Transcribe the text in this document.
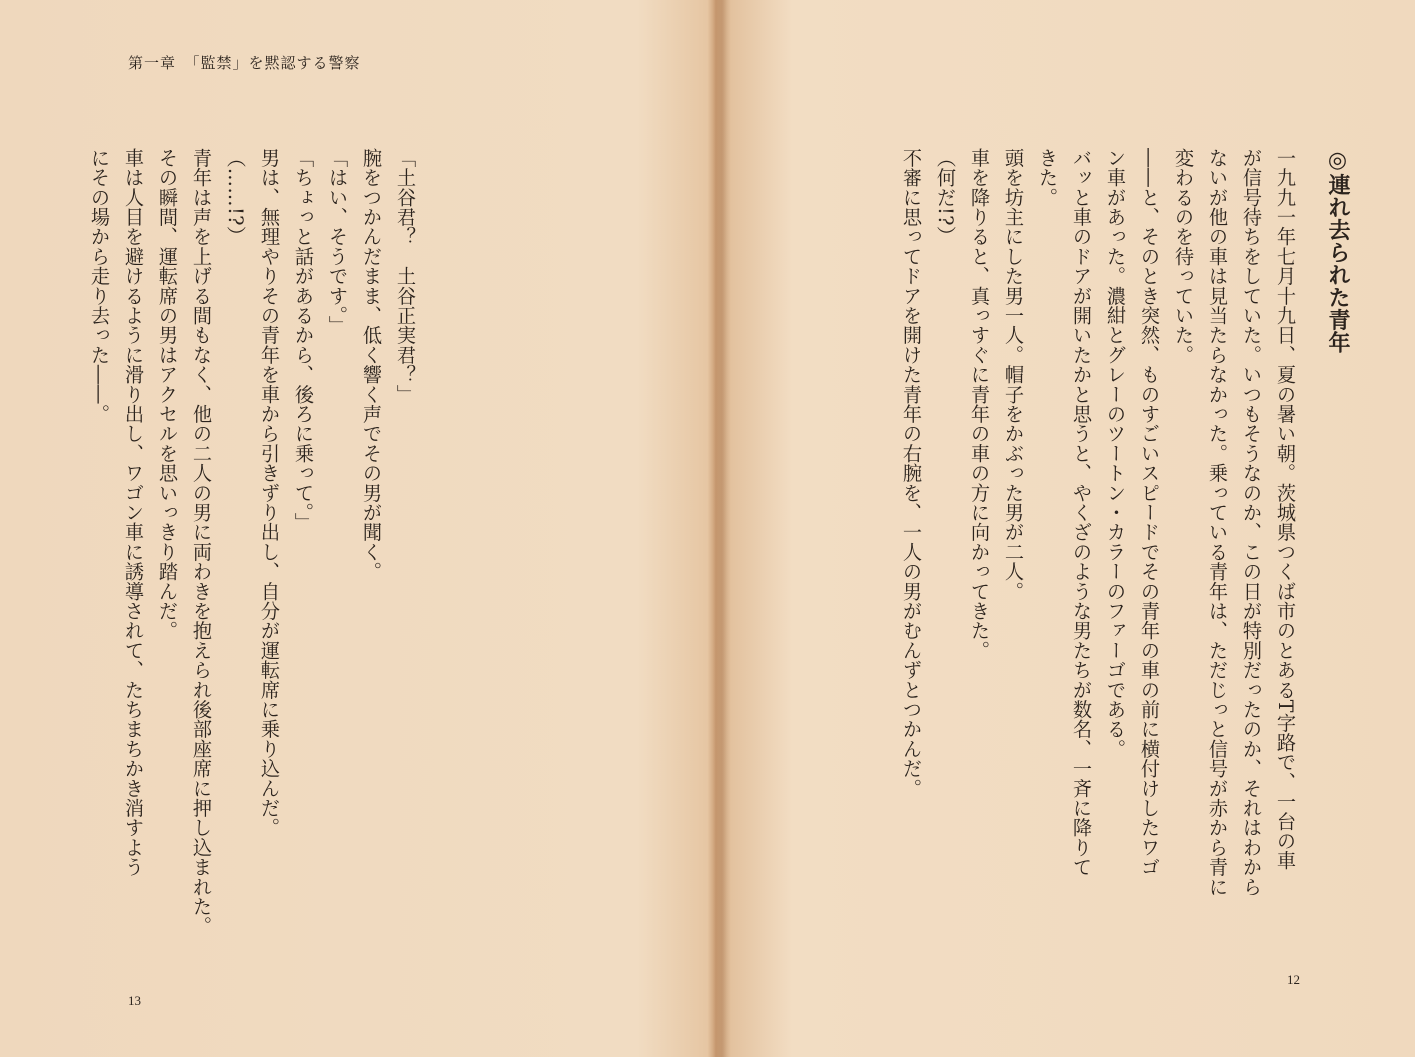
第一章　「監禁」を黙認する警察
「土谷君？　土谷正実君？」
腕をつかんだまま、低く響く声でその男が聞く。
「はい、そうです。」
「ちょっと話があるから、後ろに乗って。」
男は、無理やりその青年を車から引きずり出し、自分が運転席に乗り込んだ。
（……!?）
青年は声を上げる間もなく、他の二人の男に両わきを抱えられ後部座席に押し込まれた。
その瞬間、運転席の男はアクセルを思いっきり踏んだ。
車は人目を避けるように滑り出し、ワゴン車に誘導されて、たちまちかき消すよう
にその場から走り去った――。
13
◎連れ去られた青年
一九九一年七月十九日、夏の暑い朝。茨城県つくば市のとあるT字路で、一台の車
が信号待ちをしていた。いつもそうなのか、この日が特別だったのか、それはわから
ないが他の車は見当たらなかった。乗っている青年は、ただじっと信号が赤から青に
変わるのを待っていた。
――と、そのとき突然、ものすごいスピードでその青年の車の前に横付けしたワゴ
ン車があった。濃紺とグレーのツートン・カラーのファーゴである。
バッと車のドアが開いたかと思うと、やくざのような男たちが数名、一斉に降りて
きた。
頭を坊主にした男一人。帽子をかぶった男が二人。
車を降りると、真っすぐに青年の車の方に向かってきた。
（何だ!?）
不審に思ってドアを開けた青年の右腕を、一人の男がむんずとつかんだ。
12
